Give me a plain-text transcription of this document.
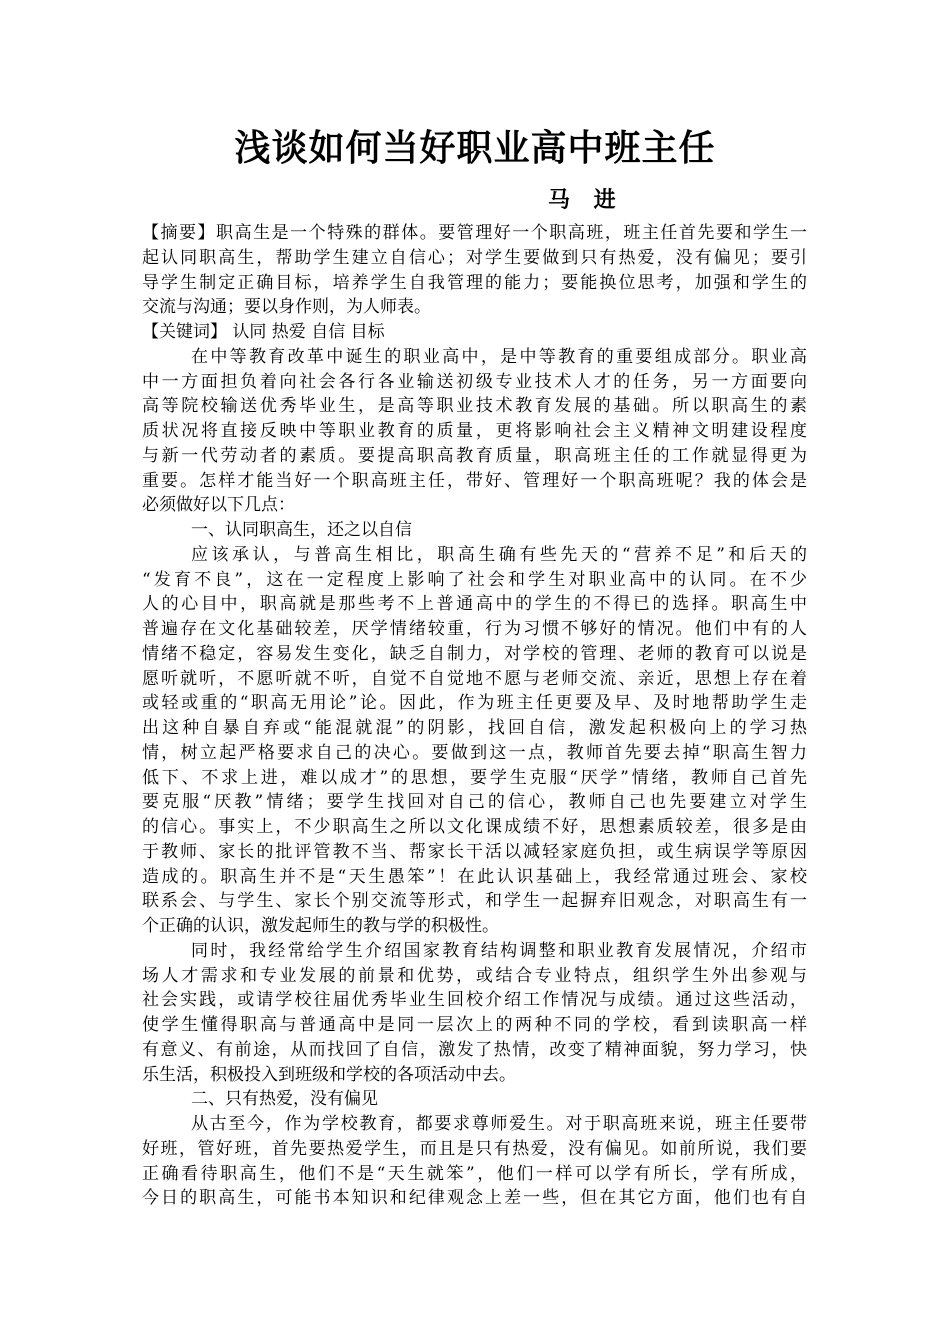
浅谈如何当好职业高中班主任
马 进
【摘要】职高生是一个特殊的群体。要管理好一个职高班，班主任首先要和学生一
起认同职高生，帮助学生建立自信心；对学生要做到只有热爱，没有偏见；要引
导学生制定正确目标，培养学生自我管理的能力；要能换位思考，加强和学生的
交流与沟通；要以身作则，为人师表。
【关键词】 认同 热爱 自信 目标
在中等教育改革中诞生的职业高中，是中等教育的重要组成部分。职业高
中一方面担负着向社会各行各业输送初级专业技术人才的任务，另一方面要向
高等院校输送优秀毕业生，是高等职业技术教育发展的基础。所以职高生的素
质状况将直接反映中等职业教育的质量，更将影响社会主义精神文明建设程度
与新一代劳动者的素质。要提高职高教育质量，职高班主任的工作就显得更为
重要。怎样才能当好一个职高班主任，带好、管理好一个职高班呢？我的体会是
必须做好以下几点：
一、认同职高生，还之以自信
应该承认，与普高生相比，职高生确有些先天的“营养不足”和后天的
“发育不良”，这在一定程度上影响了社会和学生对职业高中的认同。在不少
人的心目中，职高就是那些考不上普通高中的学生的不得已的选择。职高生中
普遍存在文化基础较差，厌学情绪较重，行为习惯不够好的情况。他们中有的人
情绪不稳定，容易发生变化，缺乏自制力，对学校的管理、老师的教育可以说是
愿听就听，不愿听就不听，自觉不自觉地不愿与老师交流、亲近，思想上存在着
或轻或重的“职高无用论”论。因此，作为班主任更要及早、及时地帮助学生走
出这种自暴自弃或“能混就混”的阴影，找回自信，激发起积极向上的学习热
情，树立起严格要求自己的决心。要做到这一点，教师首先要去掉“职高生智力
低下、不求上进，难以成才”的思想，要学生克服“厌学”情绪，教师自己首先
要克服“厌教”情绪；要学生找回对自己的信心，教师自己也先要建立对学生
的信心。事实上，不少职高生之所以文化课成绩不好，思想素质较差，很多是由
于教师、家长的批评管教不当、帮家长干活以减轻家庭负担，或生病误学等原因
造成的。职高生并不是“天生愚笨”！在此认识基础上，我经常通过班会、家校
联系会、与学生、家长个别交流等形式，和学生一起摒弃旧观念，对职高生有一
个正确的认识，激发起师生的教与学的积极性。
同时，我经常给学生介绍国家教育结构调整和职业教育发展情况，介绍市
场人才需求和专业发展的前景和优势，或结合专业特点，组织学生外出参观与
社会实践，或请学校往届优秀毕业生回校介绍工作情况与成绩。通过这些活动，
使学生懂得职高与普通高中是同一层次上的两种不同的学校，看到读职高一样
有意义、有前途，从而找回了自信，激发了热情，改变了精神面貌，努力学习，快
乐生活，积极投入到班级和学校的各项活动中去。
二、只有热爱，没有偏见
从古至今，作为学校教育，都要求尊师爱生。对于职高班来说，班主任要带
好班，管好班，首先要热爱学生，而且是只有热爱，没有偏见。如前所说，我们要
正确看待职高生，他们不是“天生就笨”，他们一样可以学有所长，学有所成，
今日的职高生，可能书本知识和纪律观念上差一些，但在其它方面，他们也有自
